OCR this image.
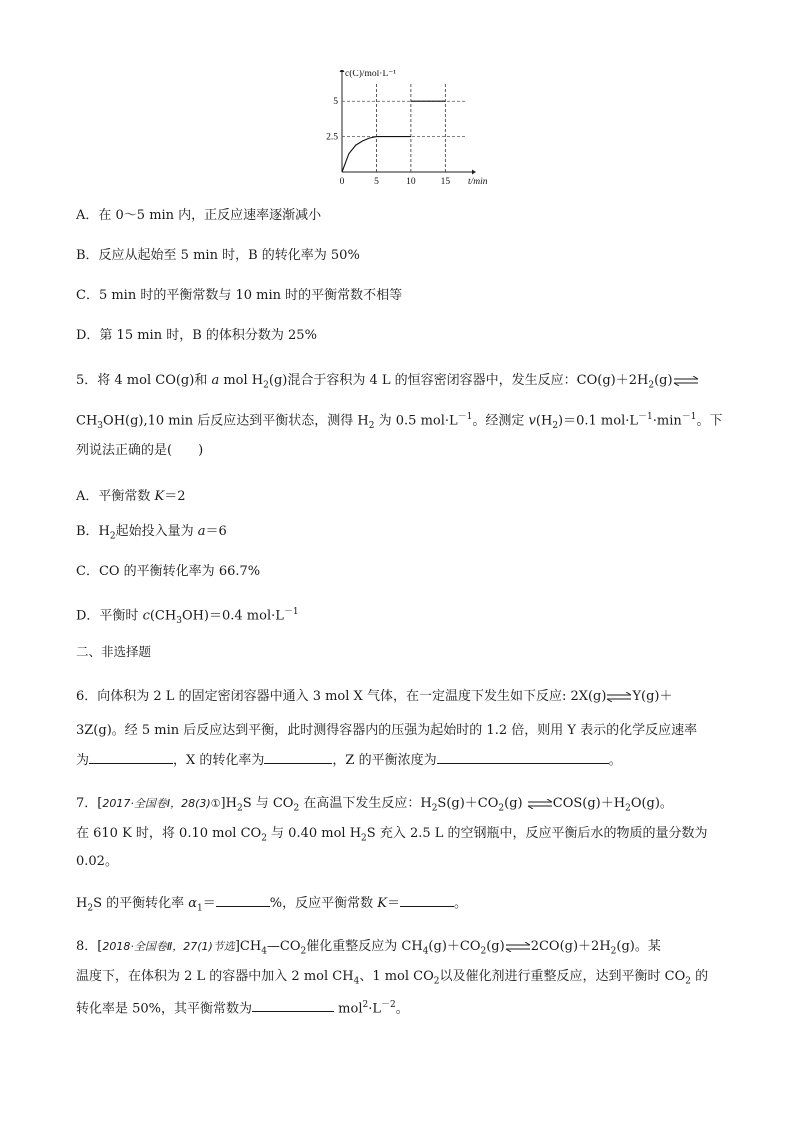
0	5	10	15
2.5
5
t/min
c(C)/mol·L⁻¹
A．在 0～5 min 内，正反应速率逐渐减小
B．反应从起始至 5 min 时，B 的转化率为 50%
C．5 min 时的平衡常数与 10 min 时的平衡常数不相等
D．第 15 min 时，B 的体积分数为 25%
5．将 4 mol CO(g)和 a mol $H_2(g)$混合于容积为 4 L 的恒容密闭容器中，发生反应：$CO(g)+2H_2(g)\rightleftharpoons$
$CH_3OH(g),10$ min 后反应达到平衡状态，测得 $H_2$ 为 0.5 $mol\cdot L^{-1}$。经测定 $v(H_2)=0.1$ $mol\cdot L^{-1}\cdot\min^{-1}$。下
列说法正确的是(　　)
A．平衡常数 K＝2
B．$H_2$起始投入量为 a＝6
C．CO 的平衡转化率为 66.7%
D．平衡时 $c(CH_3OH)=0.4$ $mol\cdot L^{-1}$
二、非选择题
6．向体积为 2 L 的固定密闭容器中通入 3 mol X 气体，在一定温度下发生如下反应: 2X(g)⇌Y(g)＋
3Z(g)。经 5 min 后反应达到平衡，此时测得容器内的压强为起始时的 1.2 倍，则用 Y 表示的化学反应速率
为	，X 的转化率为	，Z 的平衡浓度为	。
7．[2017·全国卷Ⅰ，$28(3)①]H_2S$ 与 $CO_2$ 在高温下发生反应：$H_2S(g)+CO_2(g)$ $\rightleftharpoons COS(g)+H_2O(g)$。
在 610 K 时，将 0.10 mol $CO_2$ 与 0.40 mol $H_2S$ 充入 2.5 L 的空钢瓶中，反应平衡后水的物质的量分数为
0.02。
$H_2S$ 的平衡转化率 $\alpha_1=$	%，反应平衡常数 K＝	。
8．[2018·全国卷Ⅱ，27(1)节选]$CH_4—CO_2$催化重整反应为 $CH_4(g)+CO_2(g)\rightleftharpoons 2CO(g)+2H_2(g)$。某
温度下，在体积为 2 L 的容器中加入 2 mol $CH_4$、1 mol $CO_2$以及催化剂进行重整反应，达到平衡时 $CO_2$ 的
转化率是 50%，其平衡常数为	$mol^2\cdot L^{-2}$。
